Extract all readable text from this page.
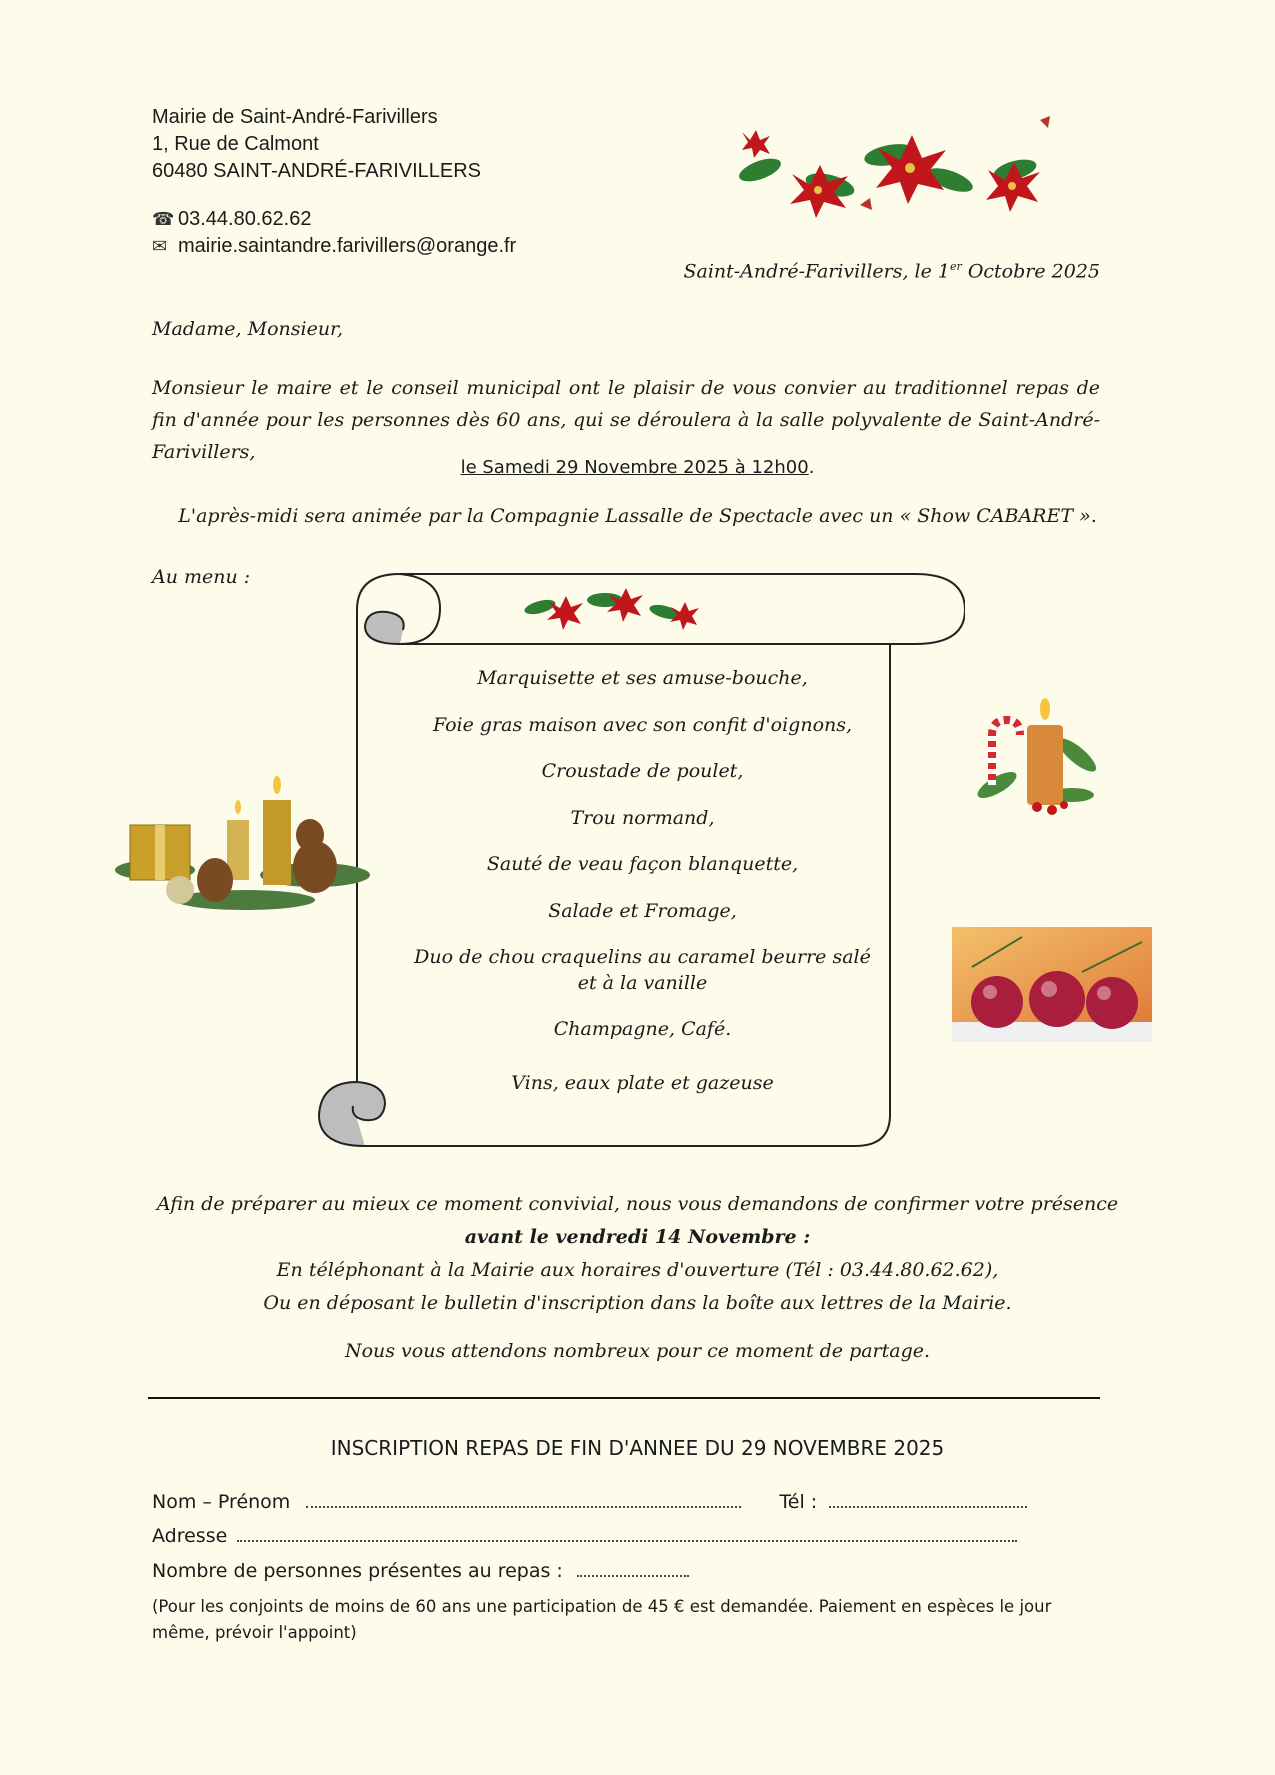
Mairie de Saint-André-Farivillers
1, Rue de Calmont
60480 SAINT-ANDRÉ-FARIVILLERS
☎ 03.44.80.62.62
✉ mairie.saintandre.farivillers@orange.fr
Saint-André-Farivillers, le 1er Octobre 2025
Madame, Monsieur,
Monsieur le maire et le conseil municipal ont le plaisir de vous convier au traditionnel repas de fin d'année pour les personnes dès 60 ans, qui se déroulera à la salle polyvalente de Saint-André-Farivillers,
le Samedi 29 Novembre 2025 à 12h00.
L'après-midi sera animée par la Compagnie Lassalle de Spectacle avec un « Show CABARET ».
Au menu :
Marquisette et ses amuse-bouche,
Foie gras maison avec son confit d'oignons,
Croustade de poulet,
Trou normand,
Sauté de veau façon blanquette,
Salade et Fromage,
Duo de chou craquelins au caramel beurre salé
et à la vanille
Champagne, Café.
Vins, eaux plate et gazeuse
Afin de préparer au mieux ce moment convivial, nous vous demandons de confirmer votre présence
avant le vendredi 14 Novembre :
En téléphonant à la Mairie aux horaires d'ouverture (Tél : 03.44.80.62.62),
Ou en déposant le bulletin d'inscription dans la boîte aux lettres de la Mairie.
Nous vous attendons nombreux pour ce moment de partage.
INSCRIPTION REPAS DE FIN D'ANNEE DU 29 NOVEMBRE 2025
Nom – Prénom	Tél :
Adresse
Nombre de personnes présentes au repas :
(Pour les conjoints de moins de 60 ans une participation de 45 € est demandée. Paiement en espèces le jour même, prévoir l'appoint)
